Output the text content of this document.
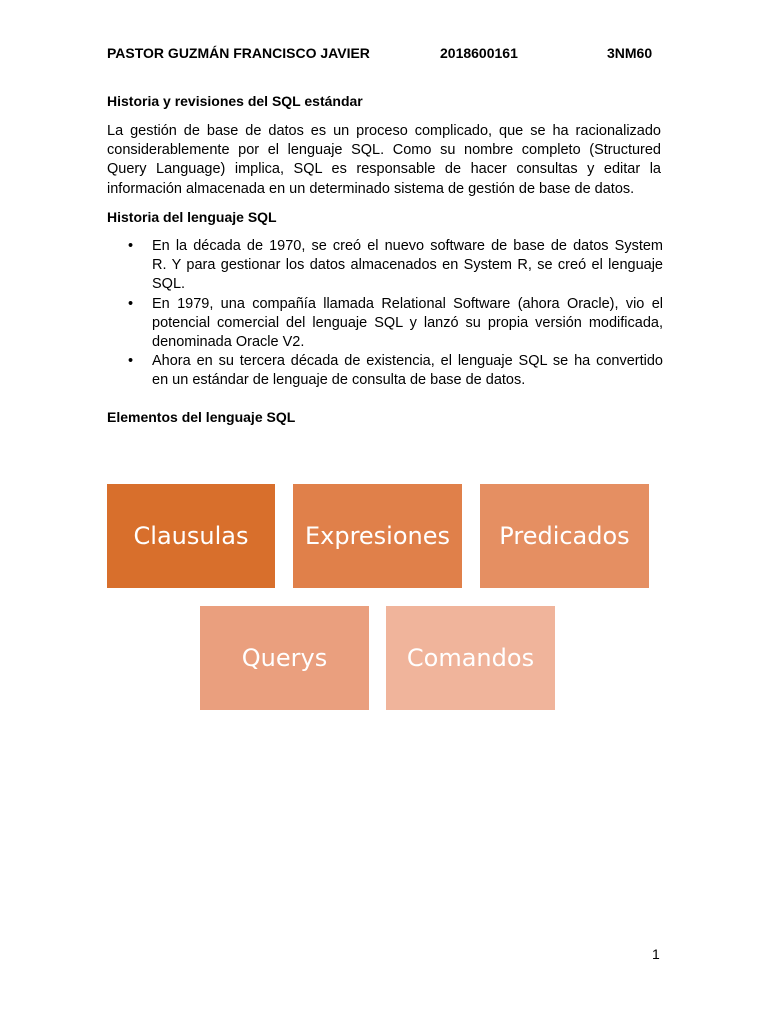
PASTOR GUZMÁN FRANCISCO JAVIER	2018600161	3NM60
Historia y revisiones del SQL estándar
La gestión de base de datos es un proceso complicado, que se ha racionalizado
considerablemente por el lenguaje SQL. Como su nombre completo (Structured
Query Language) implica, SQL es responsable de hacer consultas y editar la
información almacenada en un determinado sistema de gestión de base de datos.
Historia del lenguaje SQL
• En la década de 1970, se creó el nuevo software de base de datos System
R. Y para gestionar los datos almacenados en System R, se creó el lenguaje
SQL.
• En 1979, una compañía llamada Relational Software (ahora Oracle), vio el
potencial comercial del lenguaje SQL y lanzó su propia versión modificada,
denominada Oracle V2.
• Ahora en su tercera década de existencia, el lenguaje SQL se ha convertido
en un estándar de lenguaje de consulta de base de datos.
Elementos del lenguaje SQL
Clausulas	Expresiones	Predicados
Querys	Comandos
1
